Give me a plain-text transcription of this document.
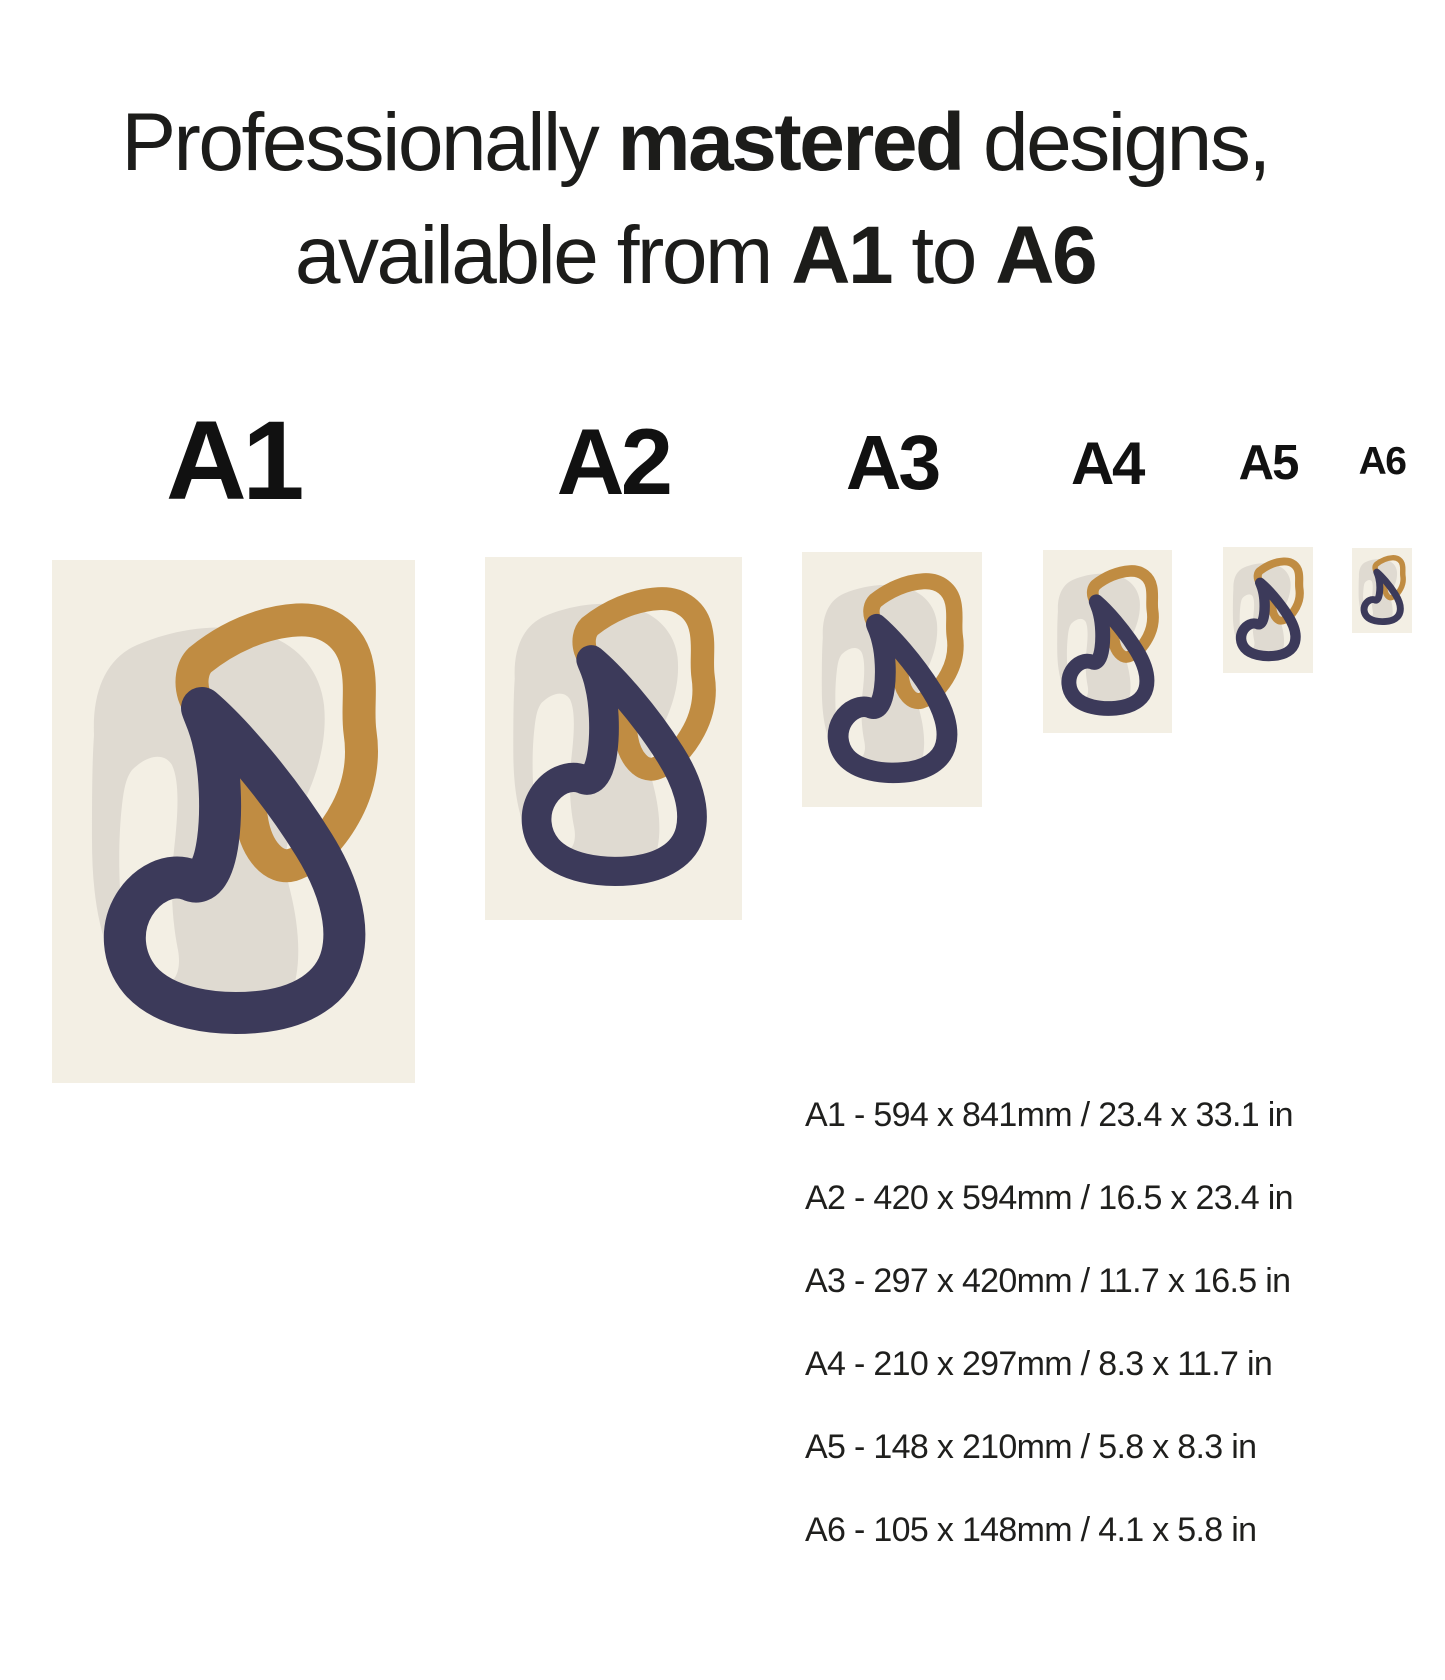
Professionally mastered designs,
available from A1 to A6
A1	A2 A3 A4 A5 A6
A1 - 594 x 841mm / 23.4 x 33.1 in
A2 - 420 x 594mm / 16.5 x 23.4 in
A3 - 297 x 420mm / 11.7 x 16.5 in
A4 - 210 x 297mm / 8.3 x 11.7 in
A5 - 148 x 210mm / 5.8 x 8.3 in
A6 - 105 x 148mm / 4.1 x 5.8 in
